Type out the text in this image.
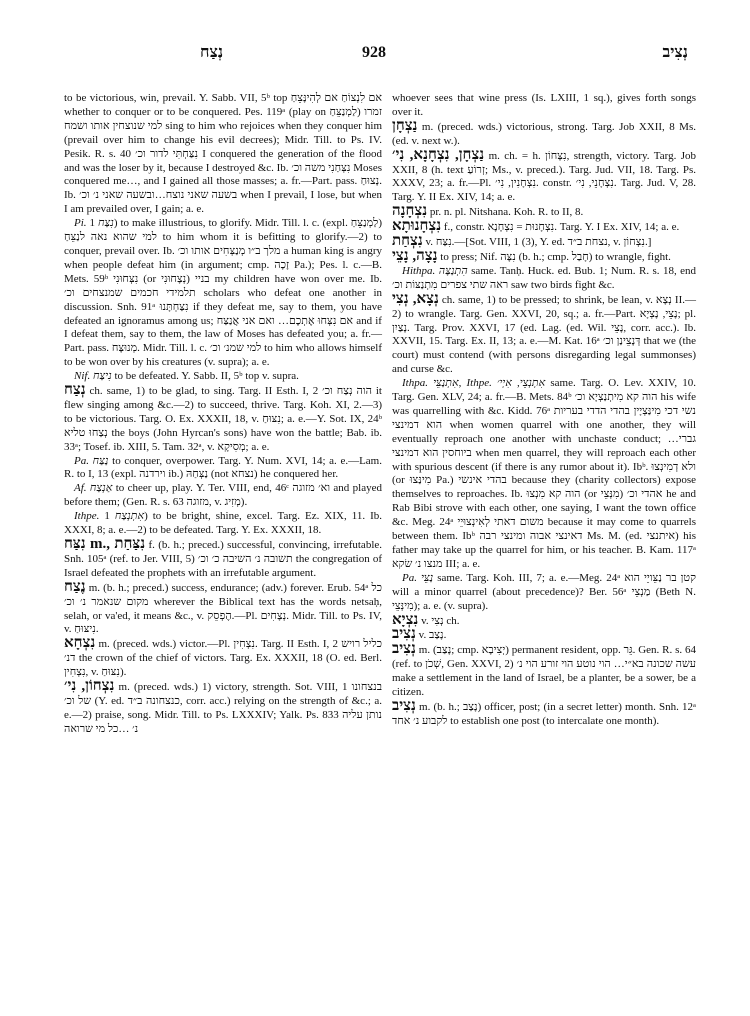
נְצַח	928	נְצִיב

to be victorious, win, prevail. Y. Sabb. VII, 5ᵇ top אם לִנְצוֹחַ אם לְהִינָּצֵחַ whether to conquer or to be conquered. Pes. 119ᵃ (play on לַמְנַצֵּחַ) זמרו למי שנוצחין אותו ושמח sing to him who rejoices when they conquer him (prevail over him to change his evil decrees); Midr. Till. to Ps. IV. Pesik. R. s. 40 נִצַּחְתִּי לדור וכ׳ I conquered the generation of the flood and was the loser by it, because I destroyed &c. Ib. נִצְּחַנִי משה וכ׳ Moses conquered me…, and I gained all those masses; a. fr.—Part. pass. נָצוּחַ. Ib. בשעה שאני נוצח…ובשעה שאני נ׳ וכ׳ when I prevail, I lose, but when I am prevailed over, I gain; a. e.

Pi. נִצַּח 1) to make illustrious, to glorify. Midr. Till. l. c. (expl. לַמְנַצֵּחַ) למי שהוא נאה לנַצֵּחַ to him whom it is befitting to glorify.—2) to conquer, prevail over. Ib. מלך ב״ו מְנַצְּחִים אותו וכ׳ a human king is angry when people defeat him (in argument; cmp. זָכָה Pa.); Pes. l. c.—B. Mets. 59ᵇ נִצְּחוּנִי (or נְצָחוּנִי) בניי my children have won over me. Ib. תלמידי חכמים שמנצחים וכ׳ scholars who defeat one another in discussion. Snh. 91ᵃ נִצַּחְתָּנוּ if they defeat me, say to them, you have defeated an ignoramus among us; אם נִצְּחוּ אֶתְכֶם… ואם אני אֲנַצַּח and if I defeat them, say to them, the law of Moses has defeated you; a. fr.—Part. pass. מְנוּצָּח. Midr. Till. l. c. למי שמנ׳ וכ׳ to him who allows himself to be won over by his creatures (v. supra); a. e.

Nif. נִיצַּח to be defeated. Y. Sabb. II, 5ᵇ top v. supra.

נְצַח ch. same, 1) to be glad, to sing. Targ. II Esth. I, 2 הוה נְצַח וכ׳ it flew singing among &c.—2) to succeed, thrive. Targ. Koh. XI, 2.—3) to be victorious. Targ. O. Ex. XXXII, 18, v. נִצּוּחַ; a. e.—Y. Sot. IX, 24ᵇ נְצַחוּ טליא the boys (John Hyrcan's sons) have won the battle; Bab. ib. 33ᵃ; Tosef. ib. XIII, 5. Tam. 32ᵃ, v. מְסִיקָא; a. e.

Pa. נַצַּח to conquer, overpower. Targ. Y. Num. XVI, 14; a. e.—Lam. R. to I, 13 (expl. וירדנה ib.) נַצְּחַהּ (not נצחא) he conquered her.

Af. אַנְצַח to cheer up, play. Y. Ter. VIII, end, 46ᶜ וא׳ מזוגה and played before them; (Gen. R. s. 63 מזוגה, v. מְזִיג).

Ithpe. אִתְנְצַח 1) to be bright, shine, excel. Targ. Ez. XIX, 11. Ib. XXXI, 8; a. e.—2) to be defeated. Targ. Y. Ex. XXXII, 18.

נִצַּח m., נִצַּחַת f. (b. h.; preced.) successful, convincing, irrefutable. Snh. 105ᵃ (ref. to Jer. VIII, 5) תשובה נ׳ השיבה כ׳ וכ׳ the congregation of Israel defeated the prophets with an irrefutable argument.

נֶצַח m. (b. h.; preced.) success, endurance; (adv.) forever. Erub. 54ᵃ כל מקום שנאמר נ׳ וכ׳ wherever the Biblical text has the words netsaḥ, selah, or va'ed, it means &c., v. הֶפְסֵק.—Pl. נְצָחִים. Midr. Till. to Ps. IV, v. נִיצּוּחַ.

נִצְחָא m. (preced. wds.) victor.—Pl. נִצְחִין. Targ. II Esth. I, 2 כליל רויש דנ׳ the crown of the chief of victors. Targ. Ex. XXXII, 18 (O. ed. Berl. נִצְחִין, v. נִצּוּחַ).

נִצְחוֹן, נִי׳ m. (preced. wds.) 1) victory, strength. Sot. VIII, 1 בנצחונו של וכ׳ (Y. ed. כנצחונה ב״ד, corr. acc.) relying on the strength of &c.; a. e.—2) praise, song. Midr. Till. to Ps. LXXXIV; Yalk. Ps. 833 נותן עליה נ׳ …כל מי שרואה

whoever sees that wine press (Is. LXIII, 1 sq.), gives forth songs over it.

נַצְחָן m. (preced. wds.) victorious, strong. Targ. Job XXII, 8 Ms. (ed. v. next w.).

נַצְחָן, נִצְחָנָא, נִי׳ m. ch. = h. נִצָּחוֹן, strength, victory. Targ. Job XXII, 8 (h. text זְרוֹעַ; Ms., v. preced.). Targ. Jud. VII, 18. Targ. Ps. XXXV, 23; a. fr.—Pl. נִצְחָנִין, נִי׳. constr. נִצְחָנֵי, נִי׳. Targ. Jud. V, 28. Targ. Y. II Ex. XIV, 14; a. e.

נִצְחָנָה pr. n. pl. Nitshana. Koh. R. to II, 8.

נִצְחָנוּתָא f., constr. נִצְחָנוּת = נִצְחָנָא. Targ. Y. I Ex. XIV, 14; a. e.

נִצְחַת v. נִצַּח.—[Sot. VIII, 1 (3), Y. ed. נצחת ב״ד, v. נִצְחוֹן.]

נָצָה, נָצֵי to press; Nif. נִצָּה (b. h.; cmp. חָבַל) to wrangle, fight.

Hithpa. הִתְנַצָּה same. Tanḥ. Huck. ed. Bub. 1; Num. R. s. 18, end ראה שתי צפרים מִתְנַצּוֹת וכ׳ saw two birds fight &c.

נְצָא, נְצִי ch. same, 1) to be pressed; to shrink, be lean, v. נְצָא II.—2) to wrangle. Targ. Gen. XXVI, 20, sq.; a. fr.—Part. נָצֵי, נָצְיָא; pl. נָצַיִן. Targ. Prov. XXVI, 17 (ed. Lag. (ed. Wil. נָצֵי, corr. acc.). Ib. XXVII, 15. Targ. Ex. II, 13; a. e.—M. Kat. 16ᵃ דְּנָצֵינַן וכ׳ that we (the court) must contend (with persons disregarding legal summonses) and curse &c.

Ithpa. אִתְנַצֵּי, Ithpe. אִתְנְצֵי, אִיְי׳ same. Targ. O. Lev. XXIV, 10. Targ. Gen. XLV, 24; a. fr.—B. Mets. 84ᵇ הוה קא מִיתְנַצְיָא וכ׳ his wife was quarrelling with &c. Kidd. 76ᵃ נשי דכי מִינַּצְיָין בהדי הדדי בעריות הוא דמינצי when women quarrel with one another, they will eventually reproach one another with unchaste conduct; גברי… ביוחסין הוא דמינצי when men quarrel, they will reproach each other with spurious descent (if there is any rumor about it). Ibᵇ. ולא דְמִינְצוּ (or מִינַּצוּ Pa.) בהדי אינשי because they (charity collectors) expose themselves to reproaches. Ib. הוה קא מִנְצוּ (or מִנְּצֵי) אהדי וכ׳ he and Rab Bibi strove with each other, one saying, I want the town office &c. Meg. 24ᵃ משום דאתי לְאִינְצוּיֵי because it may come to quarrels between them. Ibᵇ דאינצי אבוה ומינצי רבה Ms. M. (ed. איתנצי) his father may take up the quarrel for him, or his teacher. B. Kam. 117ᵃ מנצו נ׳ שׂקא III; a. e.

Pa. נַצֵּי same. Targ. Koh. III, 7; a. e.—Meg. 24ᵃ קטן בר נַצֵּויֵי הוא will a minor quarrel (about precedence)? Ber. 56ᵃ מַנְצֵי (Beth N. מִינְּצֵי); a. e. (v. supra).

נִצְיָא v. נְצִי ch.

נְצִיב v. נָצַב.

נְצִיב m. (נָצַב; cmp. יְצִיבָא) permanent resident, opp. גֵּר. Gen. R. s. 64 (ref. to שְׁכֹן, Gen. XXVI, 2) עשה שכונה בא״י… הוי נוטע הוי זורע הוי נ׳ make a settlement in the land of Israel, be a planter, be a sower, be a citizen.

נְצִיב m. (b. h.; נָצַב) officer, post; (in a secret letter) month. Snh. 12ᵃ לקבוע נ׳ אחד to establish one post (to intercalate one month).
